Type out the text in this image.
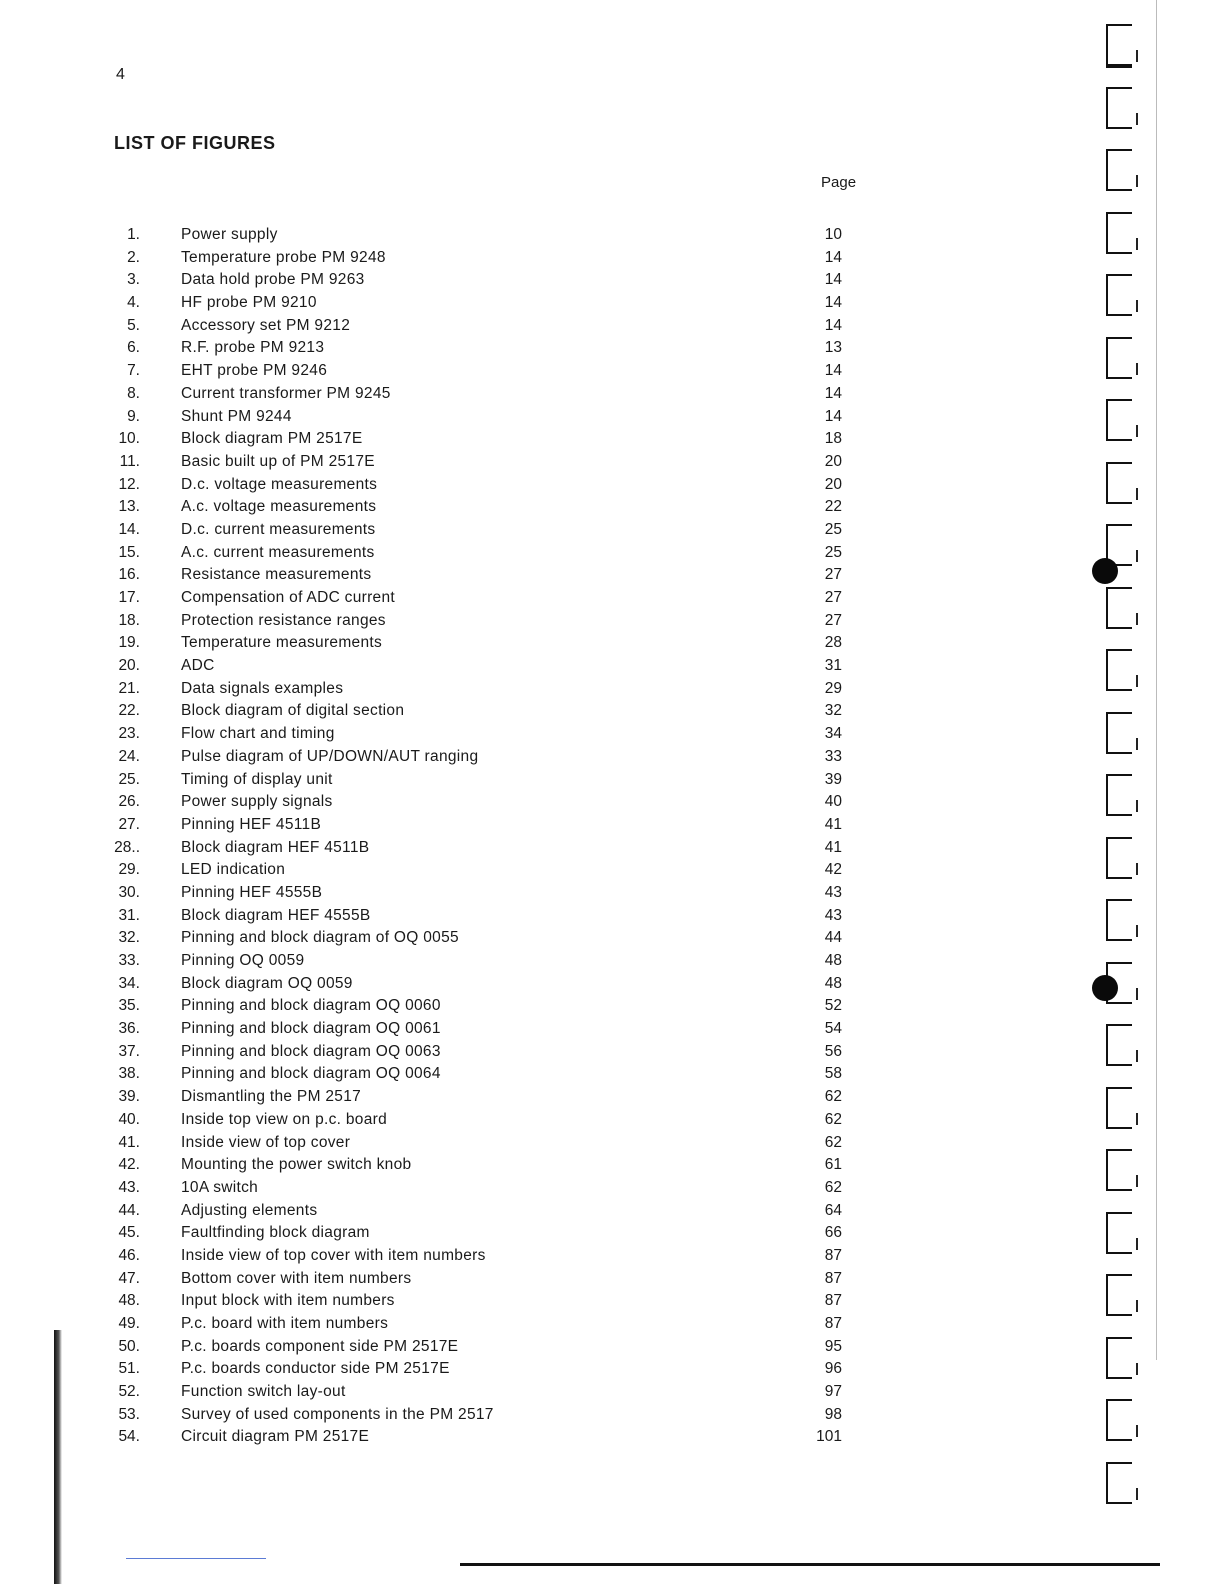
4
LIST OF FIGURES
Page
1.	Power supply	10
2.	Temperature probe PM 9248	14
3.	Data hold probe PM 9263	14
4.	HF probe PM 9210	14
5.	Accessory set PM 9212	14
6.	R.F. probe PM 9213	13
7.	EHT probe PM 9246	14
8.	Current transformer PM 9245	14
9.	Shunt PM 9244	14
10.	Block diagram PM 2517E	18
11.	Basic built up of PM 2517E	20
12.	D.c. voltage measurements	20
13.	A.c. voltage measurements	22
14.	D.c. current measurements	25
15.	A.c. current measurements	25
16.	Resistance measurements	27
17.	Compensation of ADC current	27
18.	Protection resistance ranges	27
19.	Temperature measurements	28
20.	ADC	31
21.	Data signals examples	29
22.	Block diagram of digital section	32
23.	Flow chart and timing	34
24.	Pulse diagram of UP/DOWN/AUT ranging	33
25.	Timing of display unit	39
26.	Power supply signals	40
27.	Pinning HEF 4511B	41
28..	Block diagram HEF 4511B	41
29.	LED indication	42
30.	Pinning HEF 4555B	43
31.	Block diagram HEF 4555B	43
32.	Pinning and block diagram of OQ 0055	44
33.	Pinning OQ 0059	48
34.	Block diagram OQ 0059	48
35.	Pinning and block diagram OQ 0060	52
36.	Pinning and block diagram OQ 0061	54
37.	Pinning and block diagram OQ 0063	56
38.	Pinning and block diagram OQ 0064	58
39.	Dismantling the PM 2517	62
40.	Inside top view on p.c. board	62
41.	Inside view of top cover	62
42.	Mounting the power switch knob	61
43.	10A switch	62
44.	Adjusting elements	64
45.	Faultfinding block diagram	66
46.	Inside view of top cover with item numbers	87
47.	Bottom cover with item numbers	87
48.	Input block with item numbers	87
49.	P.c. board with item numbers	87
50.	P.c. boards component side PM 2517E	95
51.	P.c. boards conductor side PM 2517E	96
52.	Function switch lay-out	97
53.	Survey of used components in the PM 2517	98
54.	Circuit diagram PM 2517E	101
